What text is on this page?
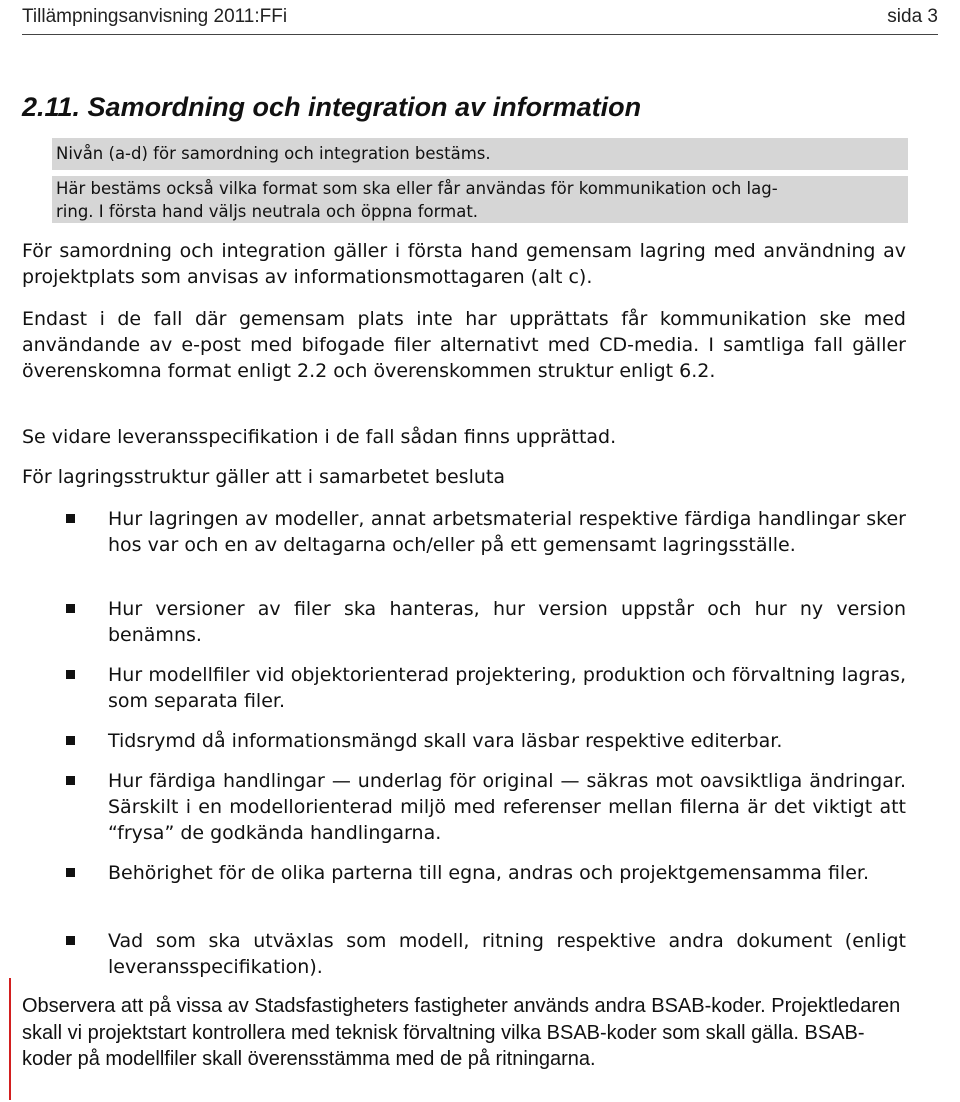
Tillämpningsanvisning 2011:FFi	sida 3
2.11. Samordning och integration av information

Nivån (a-d) för samordning och integration bestäms.

Här bestäms också vilka format som ska eller får användas för kommunikation och lag-

ring. I första hand väljs neutrala och öppna format.

För samordning och integration gäller i första hand gemensam lagring med användning av projektplats som anvisas av informationsmottagaren (alt c).

Endast i de fall där gemensam plats inte har upprättats får kommunikation ske med användande av e-post med bifogade filer alternativt med CD-media. I samtliga fall gäller överenskomna format enligt 2.2 och överenskommen struktur enligt 6.2.

Se vidare leveransspecifikation i de fall sådan finns upprättad.

För lagringsstruktur gäller att i samarbetet besluta

Hur lagringen av modeller, annat arbetsmaterial respektive färdiga handlingar sker hos var och en av deltagarna och/eller på ett gemensamt lagringsställe.

Hur versioner av filer ska hanteras, hur version uppstår och hur ny version benämns.

Hur modellfiler vid objektorienterad projektering, produktion och förvaltning lagras, som separata filer.

Tidsrymd då informationsmängd skall vara läsbar respektive editerbar.

Hur färdiga handlingar — underlag för original — säkras mot oavsiktliga ändringar. Särskilt i en modellorienterad miljö med referenser mellan filerna är det viktigt att “frysa” de godkända handlingarna.

Behörighet för de olika parterna till egna, andras och projektgemensamma filer.

Vad som ska utväxlas som modell, ritning respektive andra dokument (enligt leveransspecifikation).

Observera att på vissa av Stadsfastigheters fastigheter används andra BSAB-koder. Projektledaren skall vi projektstart kontrollera med teknisk förvaltning vilka BSAB-koder som skall gälla. BSAB-koder på modellfiler skall överensstämma med de på ritningarna.
